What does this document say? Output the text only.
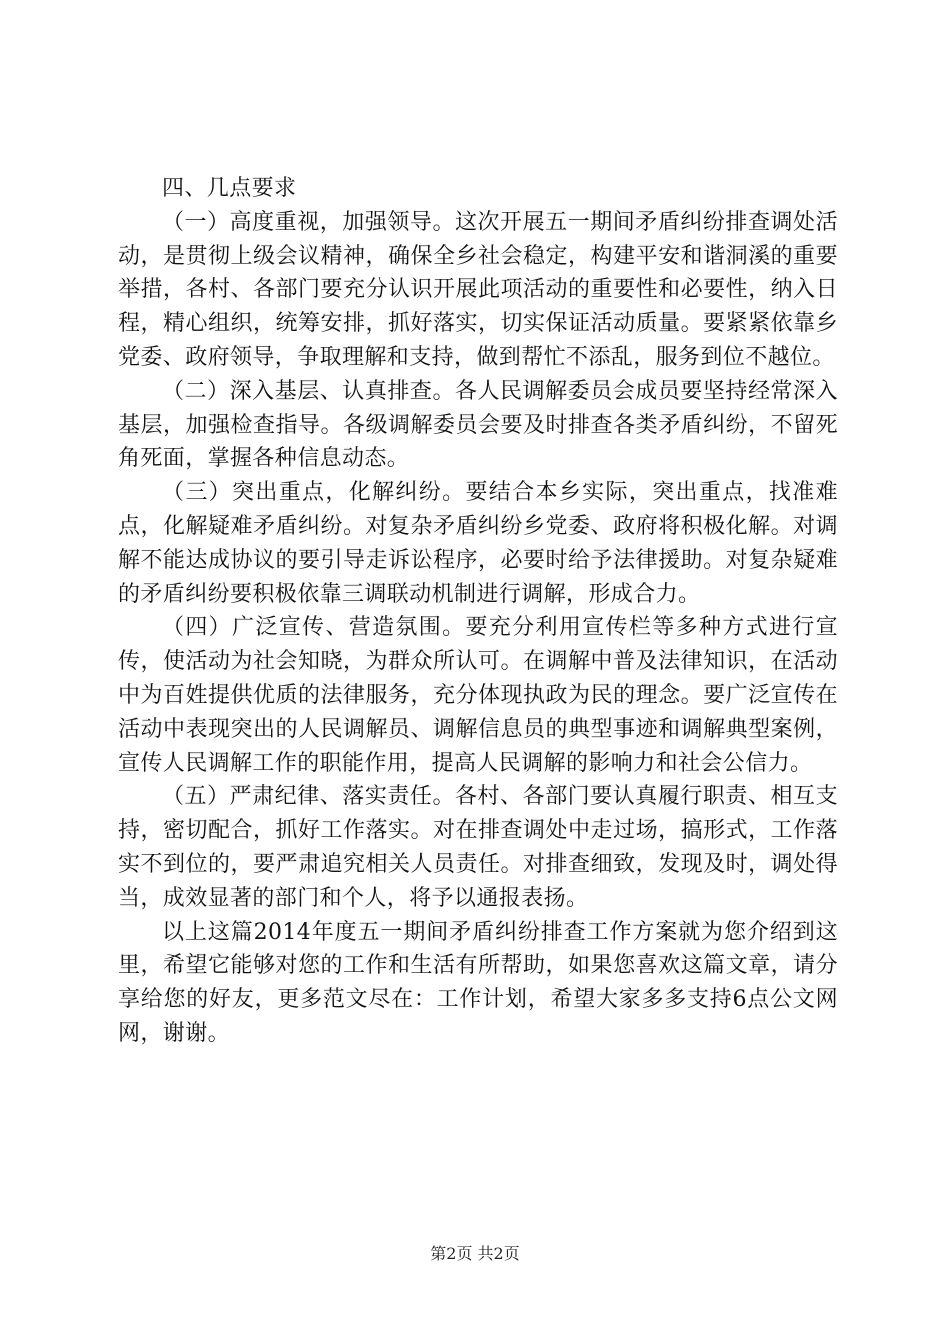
四、几点要求

（一）高度重视，加强领导。这次开展五一期间矛盾纠纷排查调处活动，是贯彻上级会议精神，确保全乡社会稳定，构建平安和谐洞溪的重要举措，各村、各部门要充分认识开展此项活动的重要性和必要性，纳入日程，精心组织，统筹安排，抓好落实，切实保证活动质量。要紧紧依靠乡党委、政府领导，争取理解和支持，做到帮忙不添乱，服务到位不越位。

（二）深入基层、认真排查。各人民调解委员会成员要坚持经常深入基层，加强检查指导。各级调解委员会要及时排查各类矛盾纠纷，不留死角死面，掌握各种信息动态。

（三）突出重点，化解纠纷。要结合本乡实际，突出重点，找准难点，化解疑难矛盾纠纷。对复杂矛盾纠纷乡党委、政府将积极化解。对调解不能达成协议的要引导走诉讼程序，必要时给予法律援助。对复杂疑难的矛盾纠纷要积极依靠三调联动机制进行调解，形成合力。

（四）广泛宣传、营造氛围。要充分利用宣传栏等多种方式进行宣传，使活动为社会知晓，为群众所认可。在调解中普及法律知识，在活动中为百姓提供优质的法律服务，充分体现执政为民的理念。要广泛宣传在活动中表现突出的人民调解员、调解信息员的典型事迹和调解典型案例，宣传人民调解工作的职能作用，提高人民调解的影响力和社会公信力。

（五）严肃纪律、落实责任。各村、各部门要认真履行职责、相互支持，密切配合，抓好工作落实。对在排查调处中走过场，搞形式，工作落实不到位的，要严肃追究相关人员责任。对排查细致，发现及时，调处得当，成效显著的部门和个人，将予以通报表扬。

以上这篇2014年度五一期间矛盾纠纷排查工作方案就为您介绍到这里，希望它能够对您的工作和生活有所帮助，如果您喜欢这篇文章，请分享给您的好友，更多范文尽在：工作计划，希望大家多多支持6点公文网网，谢谢。

第2页 共2页
